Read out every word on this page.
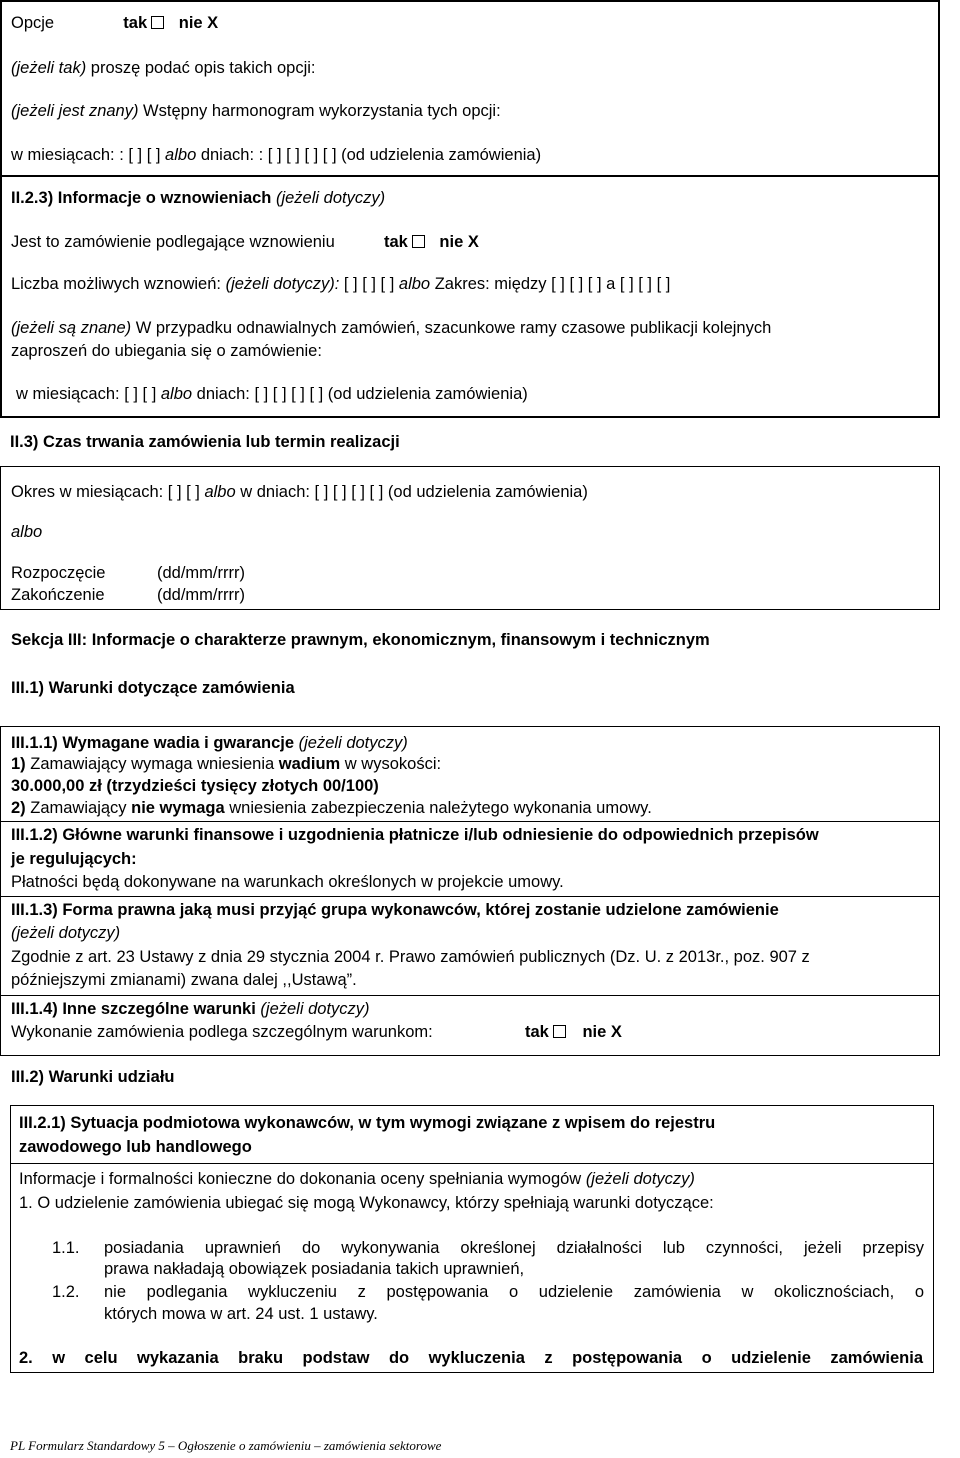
Opcje	tak nie X
(jeżeli tak) proszę podać opis takich opcji:
(jeżeli jest znany) Wstępny harmonogram wykorzystania tych opcji:
w miesiącach: : [ ] [ ] albo dniach: : [ ] [ ] [ ] [ ] (od udzielenia zamówienia)
II.2.3) Informacje o wznowieniach (jeżeli dotyczy)
Jest to zamówienie podlegające wznowieniu	tak nie X
Liczba możliwych wznowień: (jeżeli dotyczy): [ ] [ ] [ ] albo Zakres: między [ ] [ ] [ ] a [ ] [ ] [ ]
(jeżeli są znane) W przypadku odnawialnych zamówień, szacunkowe ramy czasowe publikacji kolejnych
zaproszeń do ubiegania się o zamówienie:
w miesiącach: [ ] [ ] albo dniach: [ ] [ ] [ ] [ ] (od udzielenia zamówienia)
II.3) Czas trwania zamówienia lub termin realizacji
Okres w miesiącach: [ ] [ ] albo w dniach: [ ] [ ] [ ] [ ] (od udzielenia zamówienia)
albo
Rozpoczęcie	(dd/mm/rrrr)
Zakończenie	(dd/mm/rrrr)
Sekcja III: Informacje o charakterze prawnym, ekonomicznym, finansowym i technicznym
III.1) Warunki dotyczące zamówienia
III.1.1) Wymagane wadia i gwarancje (jeżeli dotyczy)
1) Zamawiający wymaga wniesienia wadium w wysokości:
30.000,00 zł (trzydzieści tysięcy złotych 00/100)
2) Zamawiający nie wymaga wniesienia zabezpieczenia należytego wykonania umowy.
III.1.2) Główne warunki finansowe i uzgodnienia płatnicze i/lub odniesienie do odpowiednich przepisów
je regulujących:
Płatności będą dokonywane na warunkach określonych w projekcie umowy.
III.1.3) Forma prawna jaką musi przyjąć grupa wykonawców, której zostanie udzielone zamówienie
(jeżeli dotyczy)
Zgodnie z art. 23 Ustawy z dnia 29 stycznia 2004 r. Prawo zamówień publicznych (Dz. U. z 2013r., poz. 907 z
późniejszymi zmianami) zwana dalej ,,Ustawą”.
III.1.4) Inne szczególne warunki (jeżeli dotyczy)
Wykonanie zamówienia podlega szczególnym warunkom:	tak nie X
III.2) Warunki udziału
III.2.1) Sytuacja podmiotowa wykonawców, w tym wymogi związane z wpisem do rejestru
zawodowego lub handlowego
Informacje i formalności konieczne do dokonania oceny spełniania wymogów (jeżeli dotyczy)
1. O udzielenie zamówienia ubiegać się mogą Wykonawcy, którzy spełniają warunki dotyczące:
1.1. posiadania uprawnień do wykonywania określonej działalności lub czynności, jeżeli przepisy
prawa nakładają obowiązek posiadania takich uprawnień,
1.2. nie podlegania wykluczeniu z postępowania o udzielenie zamówienia w okolicznościach, o
których mowa w art. 24 ust. 1 ustawy.
2. w celu wykazania braku podstaw do wykluczenia z postępowania o udzielenie zamówienia
PL Formularz Standardowy 5 – Ogłoszenie o zamówieniu – zamówienia sektorowe
